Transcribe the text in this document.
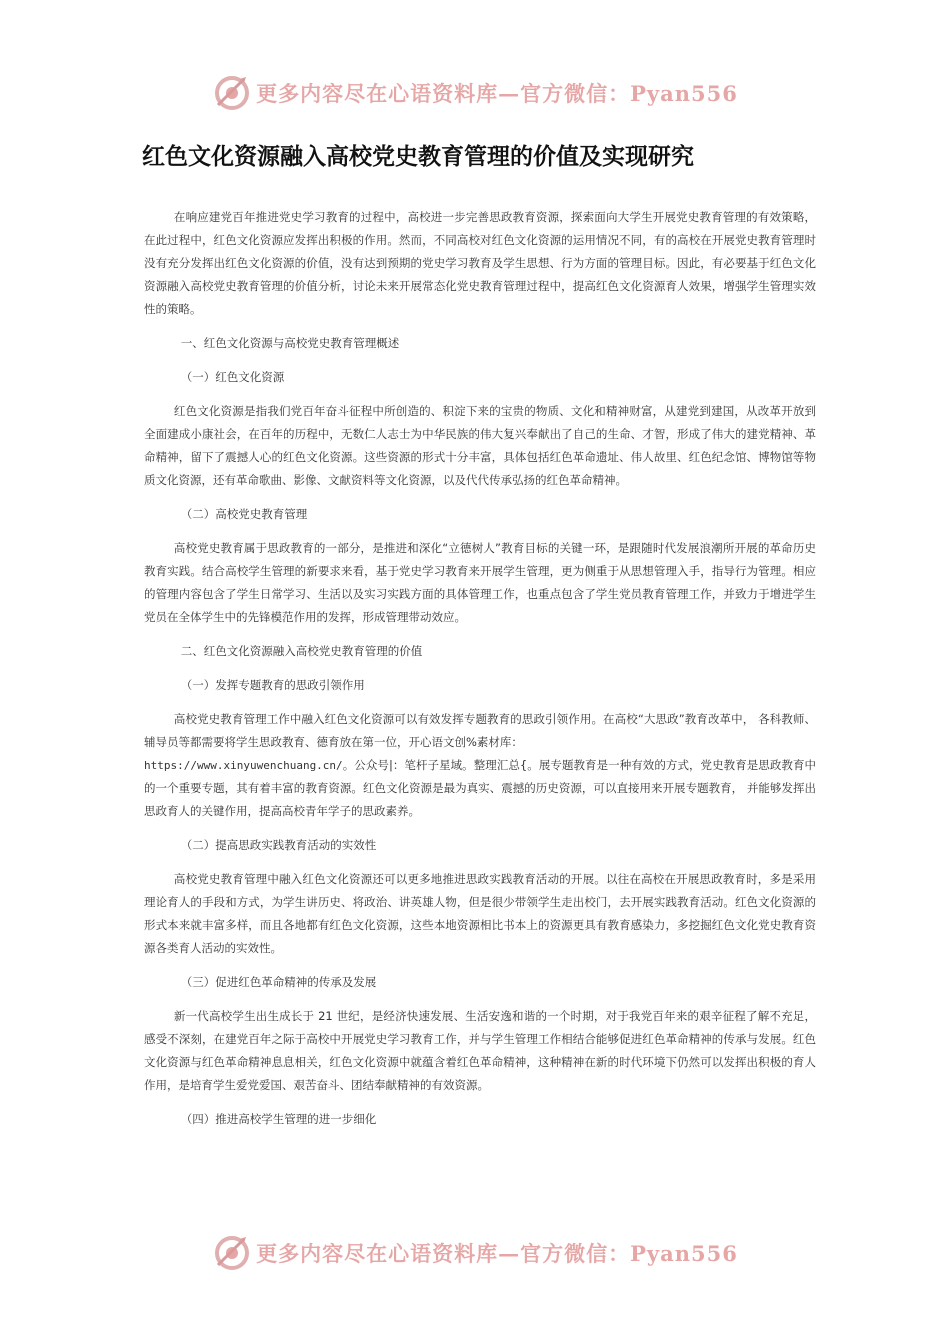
更多内容尽在心语资料库—官方微信：Pyan556
红色文化资源融入高校党史教育管理的价值及实现研究

在响应建党百年推进党史学习教育的过程中，高校进一步完善思政教育资源，探索面向大学生开展党史教育管理的有效策略，在此过程中，红色文化资源应发挥出积极的作用。然而，不同高校对红色文化资源的运用情况不同，有的高校在开展党史教育管理时没有充分发挥出红色文化资源的价值，没有达到预期的党史学习教育及学生思想、行为方面的管理目标。因此，有必要基于红色文化资源融入高校党史教育管理的价值分析，讨论未来开展常态化党史教育管理过程中，提高红色文化资源育人效果，增强学生管理实效性的策略。

一、红色文化资源与高校党史教育管理概述

（一）红色文化资源

红色文化资源是指我们党百年奋斗征程中所创造的、积淀下来的宝贵的物质、文化和精神财富，从建党到建国，从改革开放到全面建成小康社会，在百年的历程中，无数仁人志士为中华民族的伟大复兴奉献出了自己的生命、才智，形成了伟大的建党精神、革命精神，留下了震撼人心的红色文化资源。这些资源的形式十分丰富，具体包括红色革命遗址、伟人故里、红色纪念馆、博物馆等物质文化资源，还有革命歌曲、影像、文献资料等文化资源，以及代代传承弘扬的红色革命精神。

（二）高校党史教育管理

高校党史教育属于思政教育的一部分，是推进和深化“立德树人”教育目标的关键一环，是跟随时代发展浪潮所开展的革命历史教育实践。结合高校学生管理的新要求来看，基于党史学习教育来开展学生管理，更为侧重于从思想管理入手，指导行为管理。相应的管理内容包含了学生日常学习、生活以及实习实践方面的具体管理工作，也重点包含了学生党员教育管理工作，并致力于增进学生党员在全体学生中的先锋模范作用的发挥，形成管理带动效应。

二、红色文化资源融入高校党史教育管理的价值

（一）发挥专题教育的思政引领作用

高校党史教育管理工作中融入红色文化资源可以有效发挥专题教育的思政引领作用。在高校“大思政”教育改革中， 各科教师、辅导员等都需要将学生思政教育、德育放在第一位，开心语文创%素材库：
https://www.xinyuwenchuang.cn/。公众号|：笔杆子星域。整理汇总{。展专题教育是一种有效的方式，党史教育是思政教育中的一个重要专题，其有着丰富的教育资源。红色文化资源是最为真实、震撼的历史资源，可以直接用来开展专题教育， 并能够发挥出思政育人的关键作用，提高高校青年学子的思政素养。

（二）提高思政实践教育活动的实效性

高校党史教育管理中融入红色文化资源还可以更多地推进思政实践教育活动的开展。以往在高校在开展思政教育时，多是采用理论育人的手段和方式，为学生讲历史、将政治、讲英雄人物，但是很少带领学生走出校门，去开展实践教育活动。红色文化资源的形式本来就丰富多样，而且各地都有红色文化资源，这些本地资源相比书本上的资源更具有教育感染力，多挖掘红色文化党史教育资源各类育人活动的实效性。

（三）促进红色革命精神的传承及发展

新一代高校学生出生成长于 21 世纪，是经济快速发展、生活安逸和谐的一个时期，对于我党百年来的艰辛征程了解不充足，感受不深刻，在建党百年之际于高校中开展党史学习教育工作，并与学生管理工作相结合能够促进红色革命精神的传承与发展。红色文化资源与红色革命精神息息相关，红色文化资源中就蕴含着红色革命精神，这种精神在新的时代环境下仍然可以发挥出积极的育人作用，是培育学生爱党爱国、艰苦奋斗、团结奉献精神的有效资源。

（四）推进高校学生管理的进一步细化

更多内容尽在心语资料库—官方微信：Pyan556
